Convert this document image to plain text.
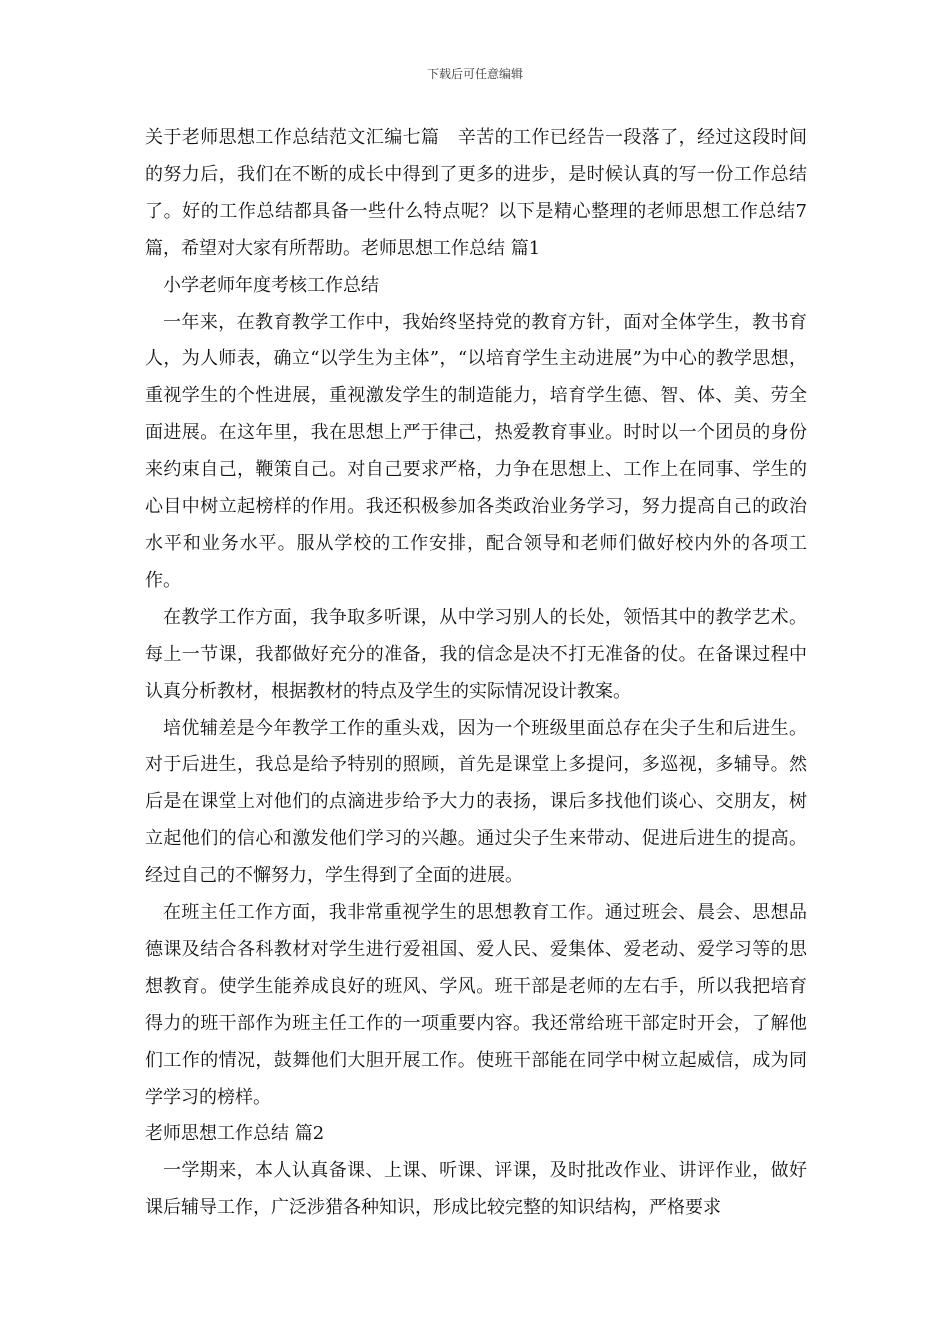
下载后可任意编辑

关于老师思想工作总结范文汇编七篇　辛苦的工作已经告一段落了，经过这段时间的努力后，我们在不断的成长中得到了更多的进步，是时候认真的写一份工作总结了。好的工作总结都具备一些什么特点呢？以下是精心整理的老师思想工作总结7篇，希望对大家有所帮助。老师思想工作总结 篇1

小学老师年度考核工作总结

一年来，在教育教学工作中，我始终坚持党的教育方针，面对全体学生，教书育人，为人师表，确立“以学生为主体”，“以培育学生主动进展”为中心的教学思想，重视学生的个性进展，重视激发学生的制造能力，培育学生德、智、体、美、劳全面进展。在这年里，我在思想上严于律己，热爱教育事业。时时以一个团员的身份来约束自己，鞭策自己。对自己要求严格，力争在思想上、工作上在同事、学生的心目中树立起榜样的作用。我还积极参加各类政治业务学习，努力提高自己的政治水平和业务水平。服从学校的工作安排，配合领导和老师们做好校内外的各项工作。

在教学工作方面，我争取多听课，从中学习别人的长处，领悟其中的教学艺术。每上一节课，我都做好充分的准备，我的信念是决不打无准备的仗。在备课过程中认真分析教材，根据教材的特点及学生的实际情况设计教案。

培优辅差是今年教学工作的重头戏，因为一个班级里面总存在尖子生和后进生。对于后进生，我总是给予特别的照顾，首先是课堂上多提问，多巡视，多辅导。然后是在课堂上对他们的点滴进步给予大力的表扬，课后多找他们谈心、交朋友，树立起他们的信心和激发他们学习的兴趣。通过尖子生来带动、促进后进生的提高。经过自己的不懈努力，学生得到了全面的进展。

在班主任工作方面，我非常重视学生的思想教育工作。通过班会、晨会、思想品德课及结合各科教材对学生进行爱祖国、爱人民、爱集体、爱老动、爱学习等的思想教育。使学生能养成良好的班风、学风。班干部是老师的左右手，所以我把培育得力的班干部作为班主任工作的一项重要内容。我还常给班干部定时开会，了解他们工作的情况，鼓舞他们大胆开展工作。使班干部能在同学中树立起威信，成为同学学习的榜样。

老师思想工作总结 篇2

一学期来，本人认真备课、上课、听课、评课，及时批改作业、讲评作业，做好课后辅导工作，广泛涉猎各种知识，形成比较完整的知识结构，严格要求
